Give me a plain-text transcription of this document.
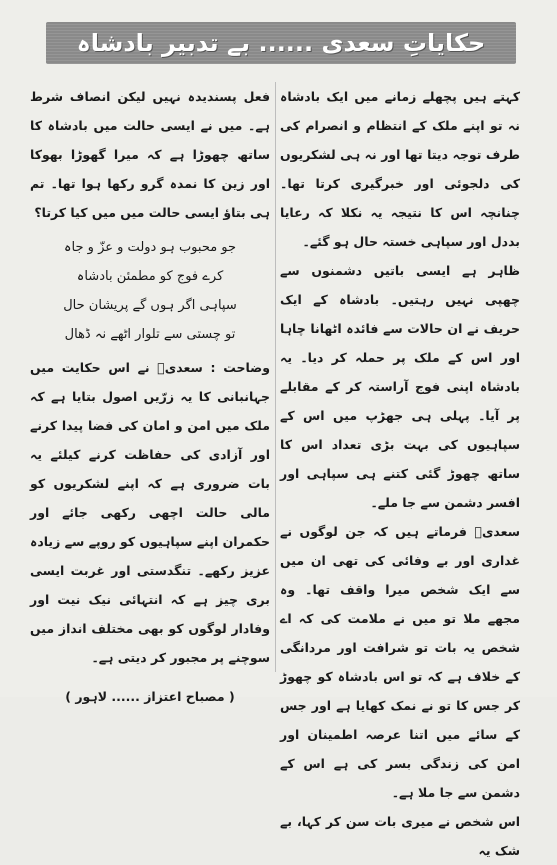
حکایاتِ سعدی ...... بے تدبیر بادشاہ

کہتے ہیں پچھلے زمانے میں ایک بادشاہ نہ تو اپنے ملک کے انتظام و انصرام کی طرف توجہ دیتا تھا اور نہ ہی لشکریوں کی دلجوئی اور خبرگیری کرتا تھا۔ چنانچہ اس کا نتیجہ یہ نکلا کہ رعایا بددل اور سپاہی خستہ حال ہو گئے۔

ظاہر ہے ایسی باتیں دشمنوں سے چھپی نہیں رہتیں۔ بادشاہ کے ایک حریف نے ان حالات سے فائدہ اٹھانا چاہا اور اس کے ملک پر حملہ کر دیا۔ یہ بادشاہ اپنی فوج آراستہ کر کے مقابلے پر آیا۔ پہلی ہی جھڑپ میں اس کے سپاہیوں کی بہت بڑی تعداد اس کا ساتھ چھوڑ گئی کتنے ہی سپاہی اور افسر دشمن سے جا ملے۔

سعدیؒ فرماتے ہیں کہ جن لوگوں نے غداری اور بے وفائی کی تھی ان میں سے ایک شخص میرا واقف تھا۔ وہ مجھے ملا تو میں نے ملامت کی کہ اے شخص یہ بات تو شرافت اور مردانگی کے خلاف ہے کہ تو اس بادشاہ کو چھوڑ کر جس کا تو نے نمک کھایا ہے اور جس کے سائے میں اتنا عرصہ اطمینان اور امن کی زندگی بسر کی ہے اس کے دشمن سے جا ملا ہے۔

اس شخص نے میری بات سن کر کہا، بے شک یہ

فعل پسندیدہ نہیں لیکن انصاف شرط ہے۔ میں نے ایسی حالت میں بادشاہ کا ساتھ چھوڑا ہے کہ میرا گھوڑا بھوکا اور زین کا نمدہ گرو رکھا ہوا تھا۔ تم ہی بتاؤ ایسی حالت میں میں کیا کرتا؟

جو محبوب ہو دولت و عزّ و جاہ
کرے فوج کو مطمئن بادشاہ
سپاہی اگر ہوں گے پریشان حال
تو چستی سے تلوار اٹھے نہ ڈھال

وضاحت : سعدیؒ نے اس حکایت میں جہانبانی کا یہ زرّیں اصول بتایا ہے کہ ملک میں امن و امان کی فضا پیدا کرنے اور آزادی کی حفاظت کرنے کیلئے یہ بات ضروری ہے کہ اپنے لشکریوں کو مالی حالت اچھی رکھی جائے اور حکمران اپنے سپاہیوں کو روپے سے زیادہ عزیز رکھے۔ تنگدستی اور غربت ایسی بری چیز ہے کہ انتہائی نیک نیت اور وفادار لوگوں کو بھی مختلف انداز میں سوچنے پر مجبور کر دیتی ہے۔

( مصباح اعتزاز ...... لاہور )
